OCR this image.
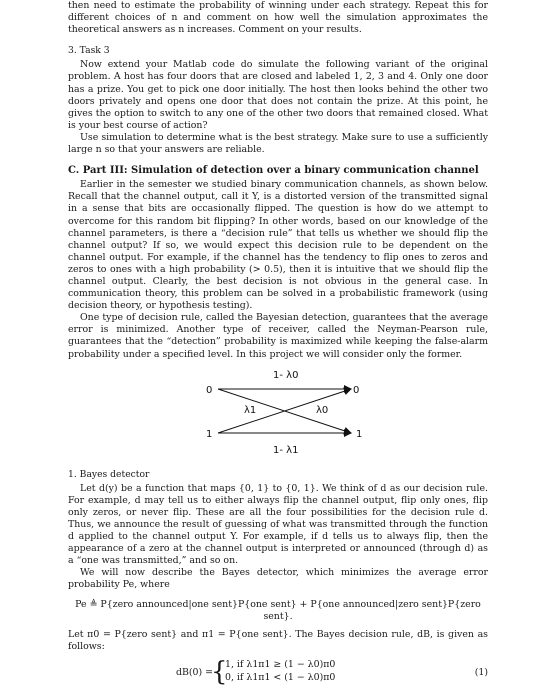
then need to estimate the probability of winning under each strategy. Repeat this for different choices of n and comment on how well the simulation approximates the theoretical answers as n increases. Comment on your results.

3. Task 3

Now extend your Matlab code do simulate the following variant of the original problem. A host has four doors that are closed and labeled 1, 2, 3 and 4. Only one door has a prize. You get to pick one door initially. The host then looks behind the other two doors privately and opens one door that does not contain the prize. At this point, he gives the option to switch to any one of the other two doors that remained closed. What is your best course of action?

Use simulation to determine what is the best strategy. Make sure to use a sufficiently large n so that your answers are reliable.

C. Part III: Simulation of detection over a binary communication channel

Earlier in the semester we studied binary communication channels, as shown below. Recall that the channel output, call it Y, is a distorted version of the transmitted signal in a sense that bits are occasionally flipped. The question is how do we attempt to overcome for this random bit flipping? In other words, based on our knowledge of the channel parameters, is there a “decision rule” that tells us whether we should flip the channel output? If so, we would expect this decision rule to be dependent on the channel output. For example, if the channel has the tendency to flip ones to zeros and zeros to ones with a high probability (> 0.5), then it is intuitive that we should flip the channel output. Clearly, the best decision is not obvious in the general case. In communication theory, this problem can be solved in a probabilistic framework (using decision theory, or hypothesis testing).

One type of decision rule, called the Bayesian detection, guarantees that the average error is minimized. Another type of receiver, called the Neyman-Pearson rule, guarantees that the “detection” probability is maximized while keeping the false-alarm probability under a specified level. In this project we will consider only the former.

1- λ0
0	0
λ1	λ0
1	1
1- λ1
1. Bayes detector

Let d(y) be a function that maps {0, 1} to {0, 1}. We think of d as our decision rule. For example, d may tell us to either always flip the channel output, flip only ones, flip only zeros, or never flip. These are all the four possibilities for the decision rule d. Thus, we announce the result of guessing of what was transmitted through the function d applied to the channel output Y. For example, if d tells us to always flip, then the appearance of a zero at the channel output is interpreted or announced (through d) as a “one was transmitted,” and so on.

We will now describe the Bayes detector, which minimizes the average error probability Pe, where

Pe ≜ P{zero announced|one sent}P{one sent} + P{one announced|zero sent}P{zero sent}.

Let π0 = P{zero sent} and π1 = P{one sent}. The Bayes decision rule, dB, is given as follows:

dB(0) =
{
1, if λ1π1 ≥ (1 − λ0)π0
0, if λ1π1 < (1 − λ0)π0	(1)
